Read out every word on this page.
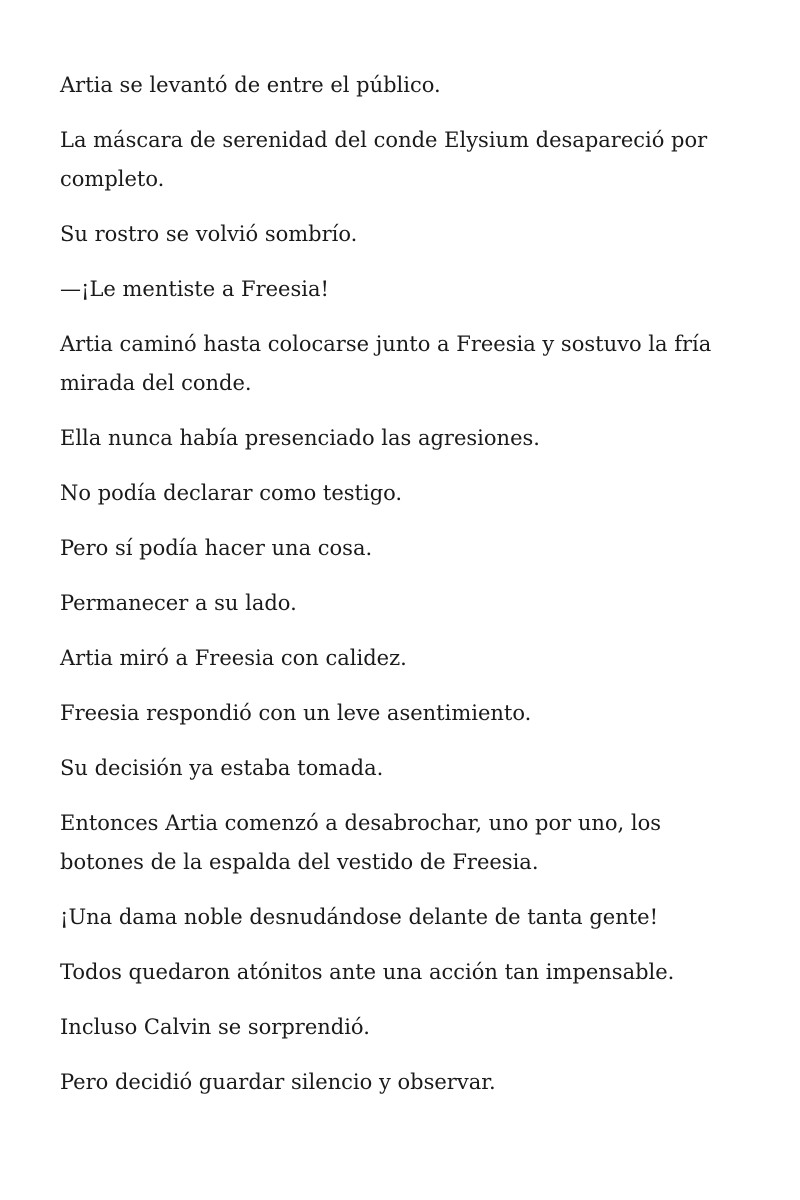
Artia se levantó de entre el público.

La máscara de serenidad del conde Elysium desapareció por completo.

Su rostro se volvió sombrío.

—¡Le mentiste a Freesia!

Artia caminó hasta colocarse junto a Freesia y sostuvo la fría mirada del conde.

Ella nunca había presenciado las agresiones.

No podía declarar como testigo.

Pero sí podía hacer una cosa.

Permanecer a su lado.

Artia miró a Freesia con calidez.

Freesia respondió con un leve asentimiento.

Su decisión ya estaba tomada.

Entonces Artia comenzó a desabrochar, uno por uno, los botones de la espalda del vestido de Freesia.

¡Una dama noble desnudándose delante de tanta gente!

Todos quedaron atónitos ante una acción tan impensable.

Incluso Calvin se sorprendió.

Pero decidió guardar silencio y observar.
